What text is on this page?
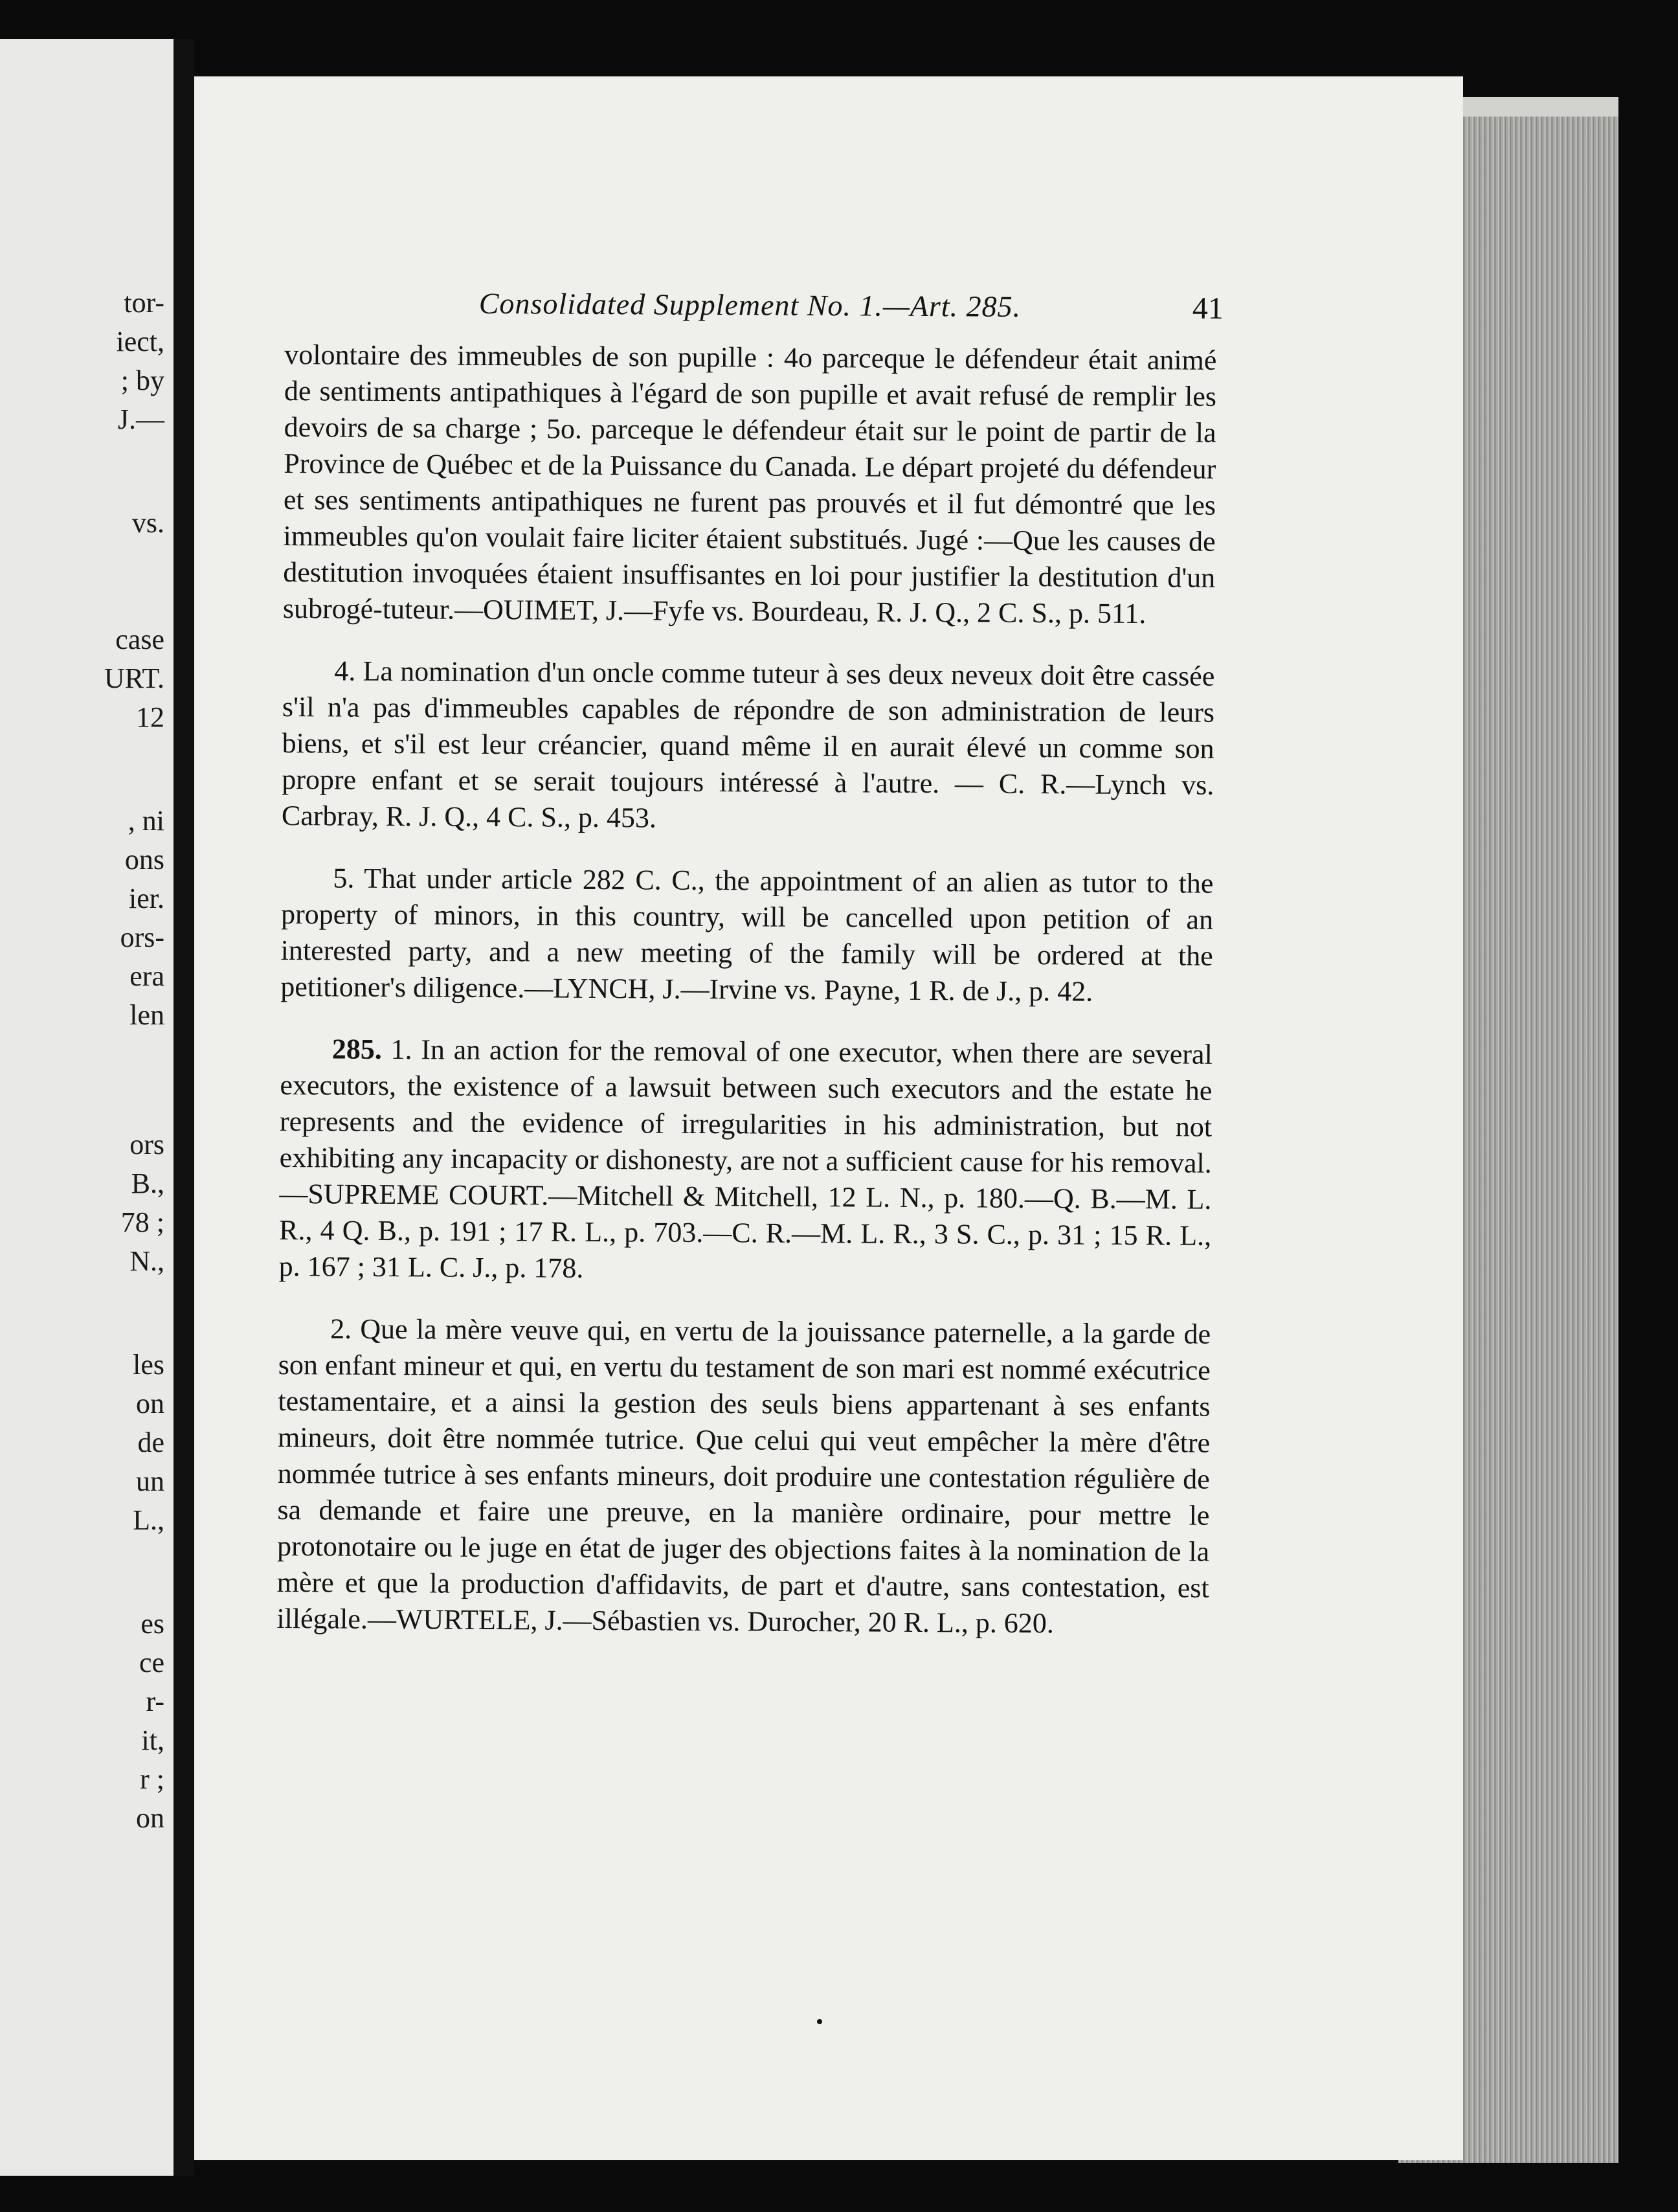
tor-
iect,
; by
J.—
vs.
case
URT.
12
, ni
ons
ier.
ors-
era
len
ors
B.,
78 ;
N.,
les
on
de
un
L.,
es
ce
r-
it,
r ;
on
Consolidated Supplement No. 1.—Art. 285.	41

volontaire des immeubles de son pupille : 4o parceque le défendeur était animé de sentiments antipathiques à l'égard de son pupille et avait refusé de remplir les devoirs de sa charge ; 5o. parceque le défendeur était sur le point de partir de la Province de Québec et de la Puissance du Canada. Le départ projeté du défendeur et ses sentiments antipathiques ne furent pas prouvés et il fut démontré que les immeubles qu'on voulait faire liciter étaient substitués. Jugé :—Que les causes de destitution invoquées étaient insuffisantes en loi pour justifier la destitution d'un subrogé-tuteur.—OUIMET, J.—Fyfe vs. Bourdeau, R. J. Q., 2 C. S., p. 511.

4. La nomination d'un oncle comme tuteur à ses deux neveux doit être cassée s'il n'a pas d'immeubles capables de répondre de son administration de leurs biens, et s'il est leur créancier, quand même il en aurait élevé un comme son propre enfant et se serait toujours intéressé à l'autre. — C. R.—Lynch vs. Carbray, R. J. Q., 4 C. S., p. 453.

5. That under article 282 C. C., the appointment of an alien as tutor to the property of minors, in this country, will be cancelled upon petition of an interested party, and a new meeting of the family will be ordered at the petitioner's diligence.—LYNCH, J.—Irvine vs. Payne, 1 R. de J., p. 42.

285. 1. In an action for the removal of one executor, when there are several executors, the existence of a lawsuit between such executors and the estate he represents and the evidence of irregularities in his administration, but not exhibiting any incapacity or dishonesty, are not a sufficient cause for his removal.—SUPREME COURT.—Mitchell & Mitchell, 12 L. N., p. 180.—Q. B.—M. L. R., 4 Q. B., p. 191 ; 17 R. L., p. 703.—C. R.—M. L. R., 3 S. C., p. 31 ; 15 R. L., p. 167 ; 31 L. C. J., p. 178.

2. Que la mère veuve qui, en vertu de la jouissance paternelle, a la garde de son enfant mineur et qui, en vertu du testament de son mari est nommé exécutrice testamentaire, et a ainsi la gestion des seuls biens appartenant à ses enfants mineurs, doit être nommée tutrice. Que celui qui veut empêcher la mère d'être nommée tutrice à ses enfants mineurs, doit produire une contestation régulière de sa demande et faire une preuve, en la manière ordinaire, pour mettre le protonotaire ou le juge en état de juger des objections faites à la nomination de la mère et que la production d'affidavits, de part et d'autre, sans contestation, est illégale.—WURTELE, J.—Sébastien vs. Durocher, 20 R. L., p. 620.
